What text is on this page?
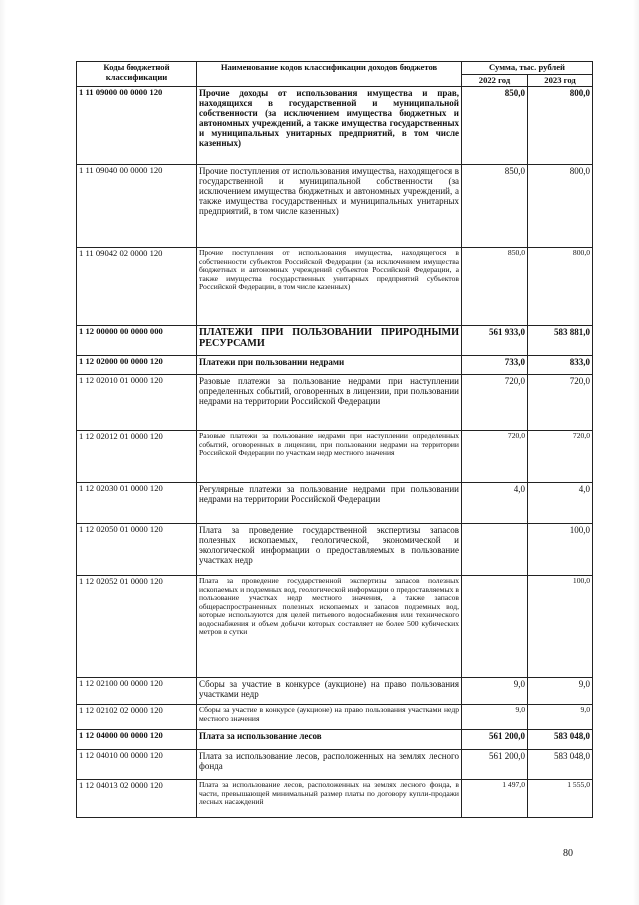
Коды бюджетной классификации	Наименование кодов классификации доходов бюджетов	Сумма, тыс. рублей	
		2022 год	2023 год
1 11 09000 00 0000 120	Прочие доходы от использования имущества и прав, находящихся в государственной и муниципальной собственности (за исключением имущества бюджетных и автономных учреждений, а также имущества государственных и муниципальных унитарных предприятий, в том числе казенных)	850,0	800,0
1 11 09040 00 0000 120	Прочие поступления от использования имущества, находящегося в государственной и муниципальной собственности (за исключением имущества бюджетных и автономных учреждений, а также имущества государственных и муниципальных унитарных предприятий, в том числе казенных)	850,0	800,0
1 11 09042 02 0000 120	Прочие поступления от использования имущества, находящегося в собственности субъектов Российской Федерации (за исключением имущества бюджетных и автономных учреждений субъектов Российской Федерации, а также имущества государственных унитарных предприятий субъектов Российской Федерации, в том числе казенных)	850,0	800,0
1 12 00000 00 0000 000	ПЛАТЕЖИ ПРИ ПОЛЬЗОВАНИИ ПРИРОДНЫМИ РЕСУРСАМИ	561 933,0	583 881,0
1 12 02000 00 0000 120	Платежи при пользовании недрами	733,0	833,0
1 12 02010 01 0000 120	Разовые платежи за пользование недрами при наступлении определенных событий, оговоренных в лицензии, при пользовании недрами на территории Российской Федерации	720,0	720,0
1 12 02012 01 0000 120	Разовые платежи за пользование недрами при наступлении определенных событий, оговоренных в лицензии, при пользовании недрами на территории Российской Федерации по участкам недр местного значения	720,0	720,0
1 12 02030 01 0000 120	Регулярные платежи за пользование недрами при пользовании недрами на территории Российской Федерации	4,0	4,0
1 12 02050 01 0000 120	Плата за проведение государственной экспертизы запасов полезных ископаемых, геологической, экономической и экологической информации о предоставляемых в пользование участках недр		100,0
1 12 02052 01 0000 120	Плата за проведение государственной экспертизы запасов полезных ископаемых и подземных вод, геологической информации о предоставляемых в пользование участках недр местного значения, а также запасов общераспространенных полезных ископаемых и запасов подземных вод, которые используются для целей питьевого водоснабжения или технического водоснабжения и объем добычи которых составляет не более 500 кубических метров в сутки		100,0
1 12 02100 00 0000 120	Сборы за участие в конкурсе (аукционе) на право пользования участками недр	9,0	9,0
1 12 02102 02 0000 120	Сборы за участие в конкурсе (аукционе) на право пользования участками недр местного значения	9,0	9,0
1 12 04000 00 0000 120	Плата за использование лесов	561 200,0	583 048,0
1 12 04010 00 0000 120	Плата за использование лесов, расположенных на землях лесного фонда	561 200,0	583 048,0
1 12 04013 02 0000 120	Плата за использование лесов, расположенных на землях лесного фонда, в части, превышающей минимальный размер платы по договору купли-продажи лесных насаждений	1 497,0	1 555,0
80
